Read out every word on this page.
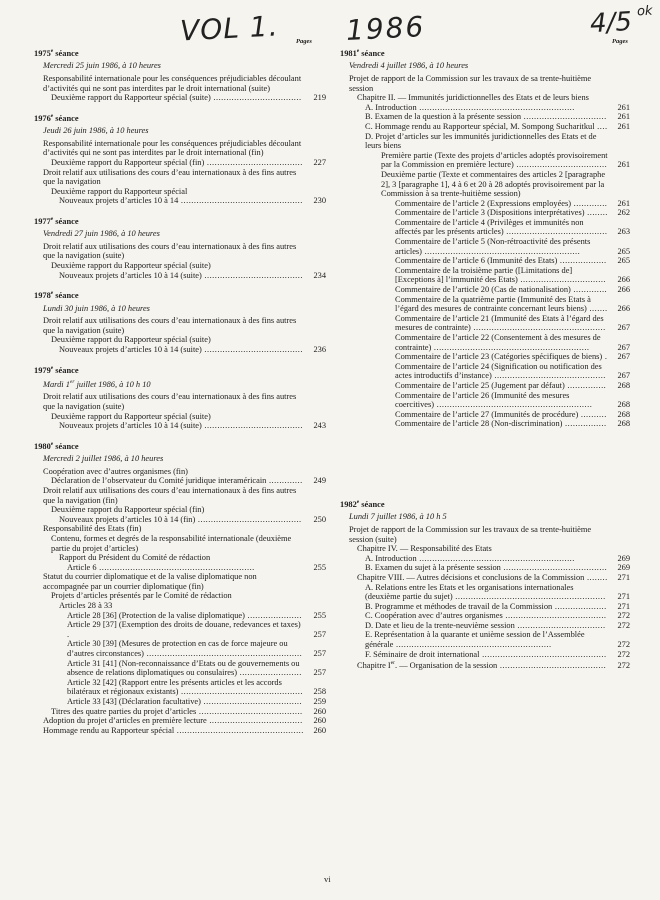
VOL 1. 1986	4/5 ok
Pages	Pages
1975e séance
Mercredi 25 juin 1986, à 10 heures
Responsabilité internationale pour les conséquences préjudiciables découlant d’activités qui ne sont pas interdites par le droit international (suite)
Deuxième rapport du Rapporteur spécial (suite) ..................................	219
1976e séance
Jeudi 26 juin 1986, à 10 heures
Responsabilité internationale pour les conséquences préjudiciables découlant d’activités qui ne sont pas interdites par le droit international (fin)
Deuxième rapport du Rapporteur spécial (fin) .....................................	227
Droit relatif aux utilisations des cours d’eau internationaux à des fins autres que la navigation
Deuxième rapport du Rapporteur spécial
Nouveaux projets d’articles 10 à 14 ...............................................	230
1977e séance
Vendredi 27 juin 1986, à 10 heures
Droit relatif aux utilisations des cours d’eau internationaux à des fins autres que la navigation (suite)
Deuxième rapport du Rapporteur spécial (suite)
Nouveaux projets d’articles 10 à 14 (suite) ......................................	234
1978e séance
Lundi 30 juin 1986, à 10 heures
Droit relatif aux utilisations des cours d’eau internationaux à des fins autres que la navigation (suite)
Deuxième rapport du Rapporteur spécial (suite)
Nouveaux projets d’articles 10 à 14 (suite) ......................................	236
1979e séance
Mardi 1er juillet 1986, à 10 h 10
Droit relatif aux utilisations des cours d’eau internationaux à des fins autres que la navigation (suite)
Deuxième rapport du Rapporteur spécial (suite)
Nouveaux projets d’articles 10 à 14 (suite) ......................................	243
1980e séance
Mercredi 2 juillet 1986, à 10 heures
Coopération avec d’autres organismes (fin)
Déclaration de l’observateur du Comité juridique interaméricain .............	249
Droit relatif aux utilisations des cours d’eau internationaux à des fins autres que la navigation (fin)
Deuxième rapport du Rapporteur spécial (fin)
Nouveaux projets d’articles 10 à 14 (fin) ........................................	250
Responsabilité des Etats (fin)
Contenu, formes et degrés de la responsabilité internationale (deuxième partie du projet d’articles)
Rapport du Président du Comité de rédaction
Article 6 ............................................................	255
Statut du courrier diplomatique et de la valise diplomatique non accompagnée par un courrier diplomatique (fin)
Projets d’articles présentés par le Comité de rédaction
Articles 28 à 33
Article 28 [36] (Protection de la valise diplomatique) .....................	255
Article 29 [37] (Exemption des droits de douane, redevances et taxes) .	257
Article 30 [39] (Mesures de protection en cas de force majeure ou d’autres circonstances) ............................................................	257
Article 31 [41] (Non-reconnaissance d’Etats ou de gouvernements ou absence de relations diplomatiques ou consulaires) ........................	257
Article 32 [42] (Rapport entre les présents articles et les accords bilatéraux et régionaux existants) ...............................................	258
Article 33 [43] (Déclaration facultative) ......................................	259
Titres des quatre parties du projet d’articles ........................................	260
Adoption du projet d’articles en première lecture ....................................	260
Hommage rendu au Rapporteur spécial .................................................	260
1981e séance
Vendredi 4 juillet 1986, à 10 heures
Projet de rapport de la Commission sur les travaux de sa trente-huitième session
Chapitre II. — Immunités juridictionnelles des Etats et de leurs biens
A. Introduction ............................................................	261
B. Examen de la question à la présente session ................................	261
C. Hommage rendu au Rapporteur spécial, M. Sompong Sucharitkul ....	261
D. Projet d’articles sur les immunités juridictionnelles des Etats et de leurs biens
Première partie (Texte des projets d’articles adoptés provisoirement par la Commission en première lecture) ...................................	261
Deuxième partie (Texte et commentaires des articles 2 [paragraphe 2], 3 [paragraphe 1], 4 à 6 et 20 à 28 adoptés provisoirement par la Commission à sa trente-huitième session)
Commentaire de l’article 2 (Expressions employées) .............	261
Commentaire de l’article 3 (Dispositions interprétatives) ........	262
Commentaire de l’article 4 (Privilèges et immunités non affectés par les présents articles) .......................................	263
Commentaire de l’article 5 (Non-rétroactivité des présents articles) ............................................................	265
Commentaire de l’article 6 (Immunité des Etats) ..................	265
Commentaire de la troisième partie ([Limitations de] [Exceptions à] l’immunité des Etats) .................................	266
Commentaire de l’article 20 (Cas de nationalisation) .............	266
Commentaire de la quatrième partie (Immunité des Etats à l’égard des mesures de contrainte concernant leurs biens) .......	266
Commentaire de l’article 21 (Immunité des Etats à l’égard des mesures de contrainte) ...................................................	267
Commentaire de l’article 22 (Consentement à des mesures de contrainte) ............................................................	267
Commentaire de l’article 23 (Catégories spécifiques de biens) .	267
Commentaire de l’article 24 (Signification ou notification des actes introductifs d’instance) ...........................................	267
Commentaire de l’article 25 (Jugement par défaut) ...............	268
Commentaire de l’article 26 (Immunité des mesures coercitives) ............................................................	268
Commentaire de l’article 27 (Immunités de procédure) ..........	268
Commentaire de l’article 28 (Non-discrimination) ................	268
1982e séance
Lundi 7 juillet 1986, à 10 h 5
Projet de rapport de la Commission sur les travaux de sa trente-huitième session (suite)
Chapitre IV. — Responsabilité des Etats
A. Introduction ............................................................	269
B. Examen du sujet à la présente session ........................................	269
Chapitre VIII. — Autres décisions et conclusions de la Commission ........	271
A. Relations entre les Etats et les organisations internationales (deuxième partie du sujet) ..........................................................	271
B. Programme et méthodes de travail de la Commission ....................	271
C. Coopération avec d’autres organismes .......................................	272
D. Date et lieu de la trente-neuvième session ..................................	272
E. Représentation à la quarante et unième session de l’Assemblée générale ............................................................	272
F. Séminaire de droit international ................................................	272
Chapitre Ier. — Organisation de la session .........................................	272
vi
